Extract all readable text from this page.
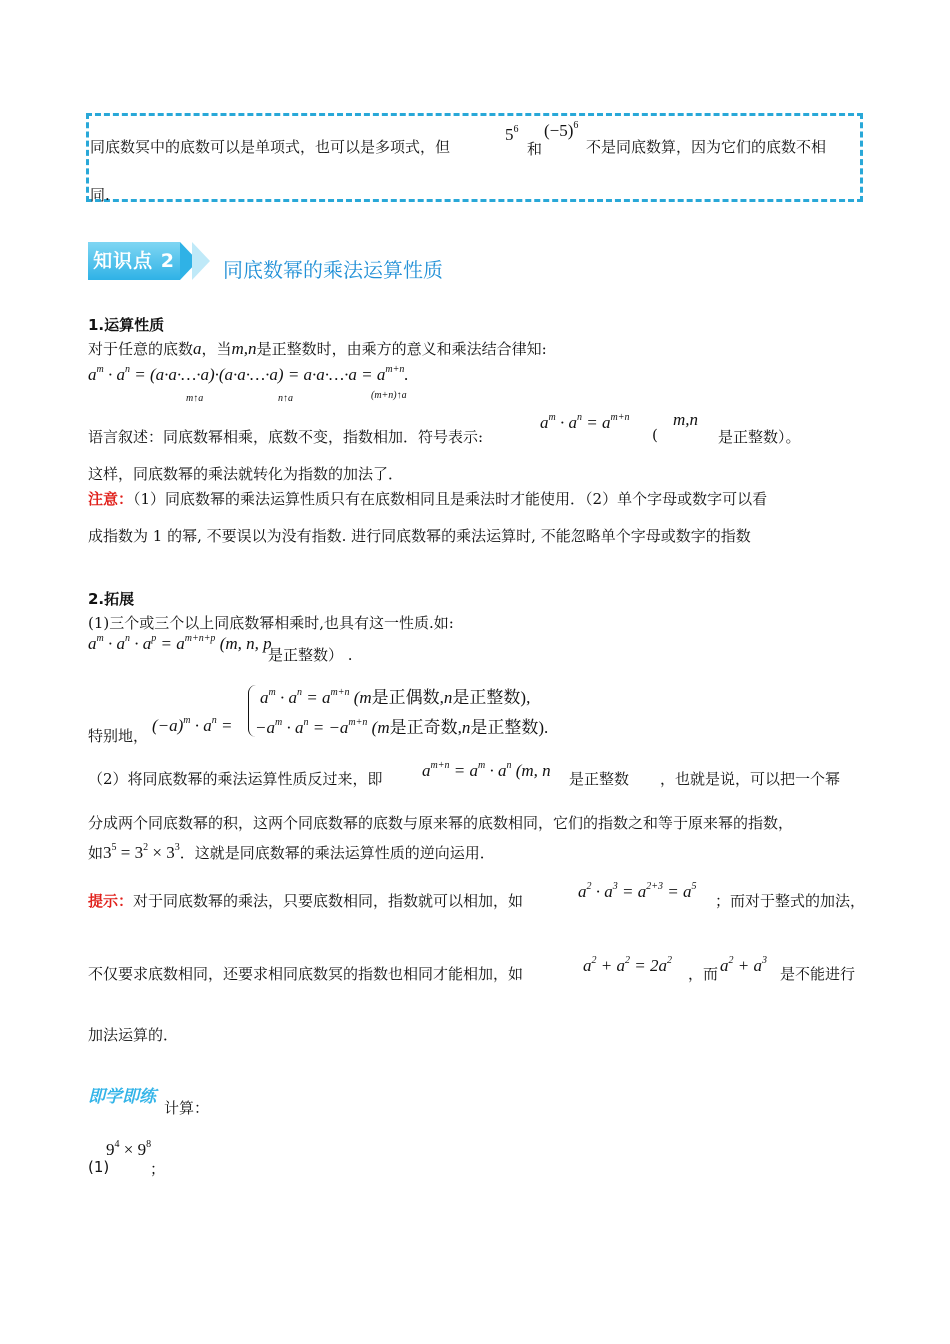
同底数冥中的底数可以是单项式，也可以是多项式，但
$5^6$
和
$(-5)^6$
不是同底数算，因为它们的底数不相
同.
知识点 2 同底数幂的乘法运算性质
1.运算性质
对于任意的底数a，当m,n是正整数时，由乘方的意义和乘法结合律知:
$a^m \cdot a^n$ = (a·a·…·a)·(a·a·…·a) = a·a·…·a = $a^{m+n}$.
m↑a	n↑a	(m+n)↑a
语言叙述：同底数幂相乘，底数不变，指数相加．符号表示:
$a^m \cdot a^n = a^{m+n}$
(
m,n
是正整数）。
这样，同底数幂的乘法就转化为指数的加法了．
注意：（1）同底数幂的乘法运算性质只有在底数相同且是乘法时才能使用．（2）单个字母或数字可以看
成指数为 1 的幂, 不要误以为没有指数. 进行同底数幂的乘法运算时, 不能忽略单个字母或数字的指数
2.拓展
(1)三个或三个以上同底数幂相乘时,也具有这一性质.如:
$a^m \cdot a^n \cdot a^p = a^{m+n+p}$ (m, n, p
是正整数） .
特别地，
$(-a)^m \cdot a^n$ =
$a^m \cdot a^n = a^{m+n}$ (m是正偶数,n是正整数),
$-a^m \cdot a^n = -a^{m+n}$ (m是正奇数,n是正整数).
（2）将同底数幂的乘法运算性质反过来，即 $a^{m+n} = a^m \cdot a^n$ (m, n 是正整数 ，也就是说，可以把一个幂
分成两个同底数幂的积，这两个同底数幂的底数与原来幂的底数相同，它们的指数之和等于原来幂的指数，
如$3^5 = 3^2 \times 3^3$．这就是同底数幂的乘法运算性质的逆向运用．
提示：对于同底数幂的乘法，只要底数相同，指数就可以相加，如	$a^2 \cdot a^3 = a^{2+3} = a^5$
；而对于整式的加法，
不仅要求底数相同，还要求相同底数冥的指数也相同才能相加，如	$a^2 + a^2 = 2a^2$
，而 $a^2 + a^3$
是不能进行
加法运算的．
即学即练
计算：
(1)
$9^4 \times 9^8$
；
